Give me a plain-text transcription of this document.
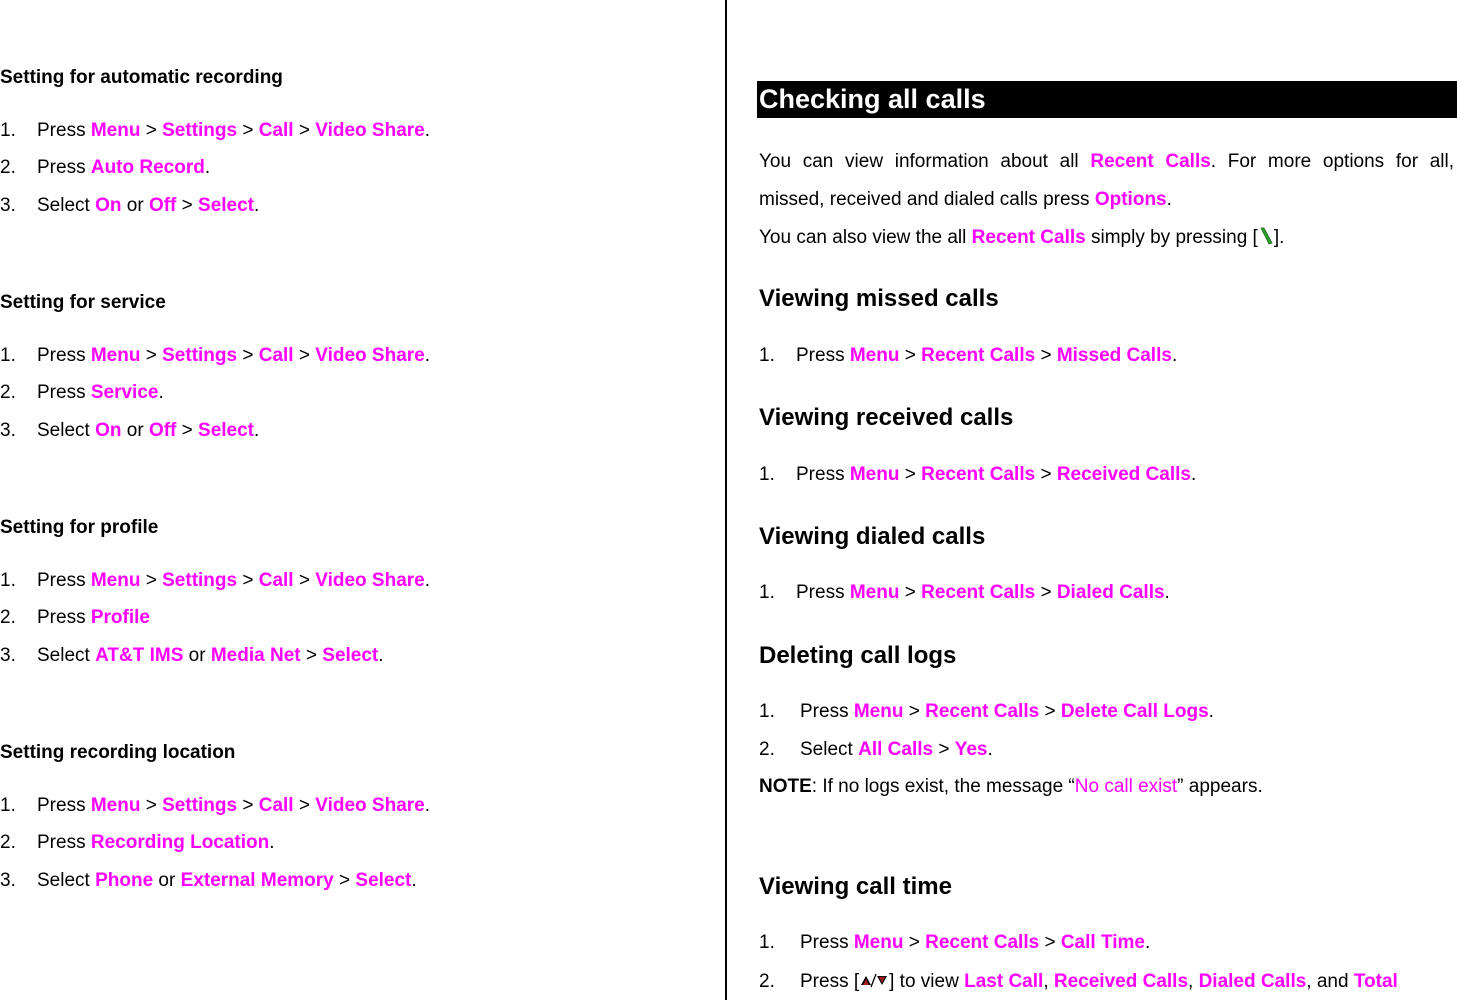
Setting for automatic recording
1. Press Menu > Settings > Call > Video Share.
2. Press Auto Record.
3. Select On or Off > Select.
Setting for service
1. Press Menu > Settings > Call > Video Share.
2. Press Service.
3. Select On or Off > Select.
Setting for profile
1. Press Menu > Settings > Call > Video Share.
2. Press Profile
3. Select AT&T IMS or Media Net > Select.
Setting recording location
1. Press Menu > Settings > Call > Video Share.
2. Press Recording Location.
3. Select Phone or External Memory > Select.
Checking all calls
You can view information about all Recent Calls. For more options for all,
missed, received and dialed calls press Options.
You can also view the all Recent Calls simply by pressing [ ].
Viewing missed calls
1. Press Menu > Recent Calls > Missed Calls.
Viewing received calls
1. Press Menu > Recent Calls > Received Calls.
Viewing dialed calls
1. Press Menu > Recent Calls > Dialed Calls.
Deleting call logs
1. Press Menu > Recent Calls > Delete Call Logs.
2. Select All Calls > Yes.
NOTE: If no logs exist, the message “No call exist” appears.
Viewing call time
1. Press Menu > Recent Calls > Call Time.
2. Press [ ] to view Last Call, Received Calls, Dialed Calls, and Total
